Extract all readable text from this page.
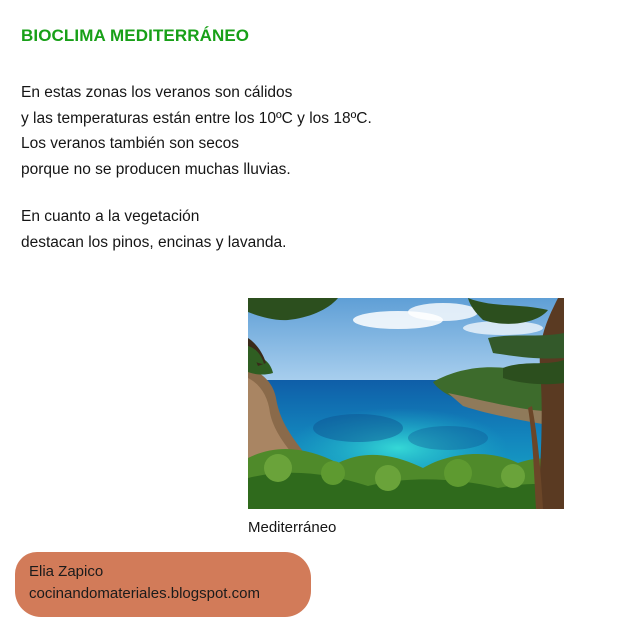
BIOCLIMA MEDITERRÁNEO
En estas zonas los veranos son cálidos
y las temperaturas están entre los 10ºC y los 18ºC.
Los veranos también son secos
porque no se producen muchas lluvias.
En cuanto a la vegetación
destacan los pinos, encinas y lavanda.
Mediterráneo
Elia Zapico
cocinandomateriales.blogspot.com
